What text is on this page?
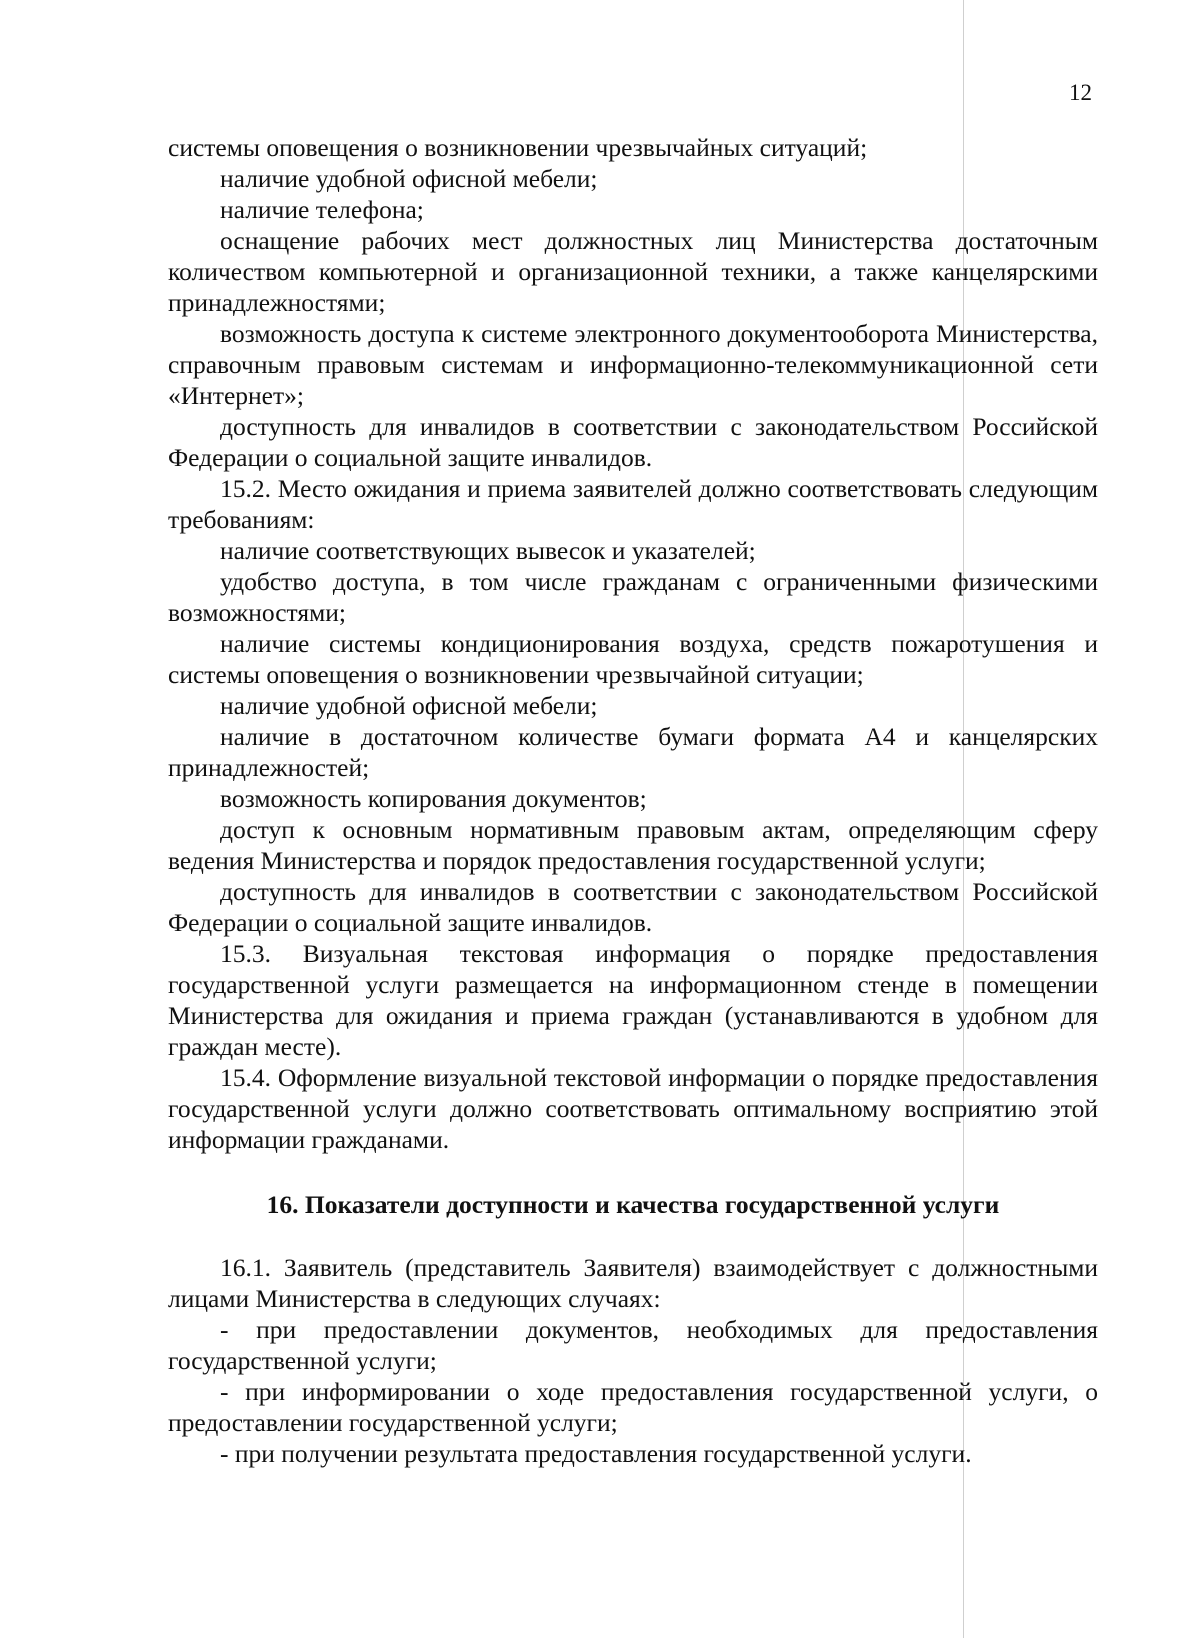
12

системы оповещения о возникновении чрезвычайных ситуаций;

наличие удобной офисной мебели;

наличие телефона;

оснащение рабочих мест должностных лиц Министерства достаточным количеством компьютерной и организационной техники, а также канцелярскими принадлежностями;

возможность доступа к системе электронного документооборота Министерства, справочным правовым системам и информационно-телекоммуникационной сети «Интернет»;

доступность для инвалидов в соответствии с законодательством Российской Федерации о социальной защите инвалидов.

15.2. Место ожидания и приема заявителей должно соответствовать следующим требованиям:

наличие соответствующих вывесок и указателей;

удобство доступа, в том числе гражданам с ограниченными физическими возможностями;

наличие системы кондиционирования воздуха, средств пожаротушения и системы оповещения о возникновении чрезвычайной ситуации;

наличие удобной офисной мебели;

наличие в достаточном количестве бумаги формата А4 и канцелярских принадлежностей;

возможность копирования документов;

доступ к основным нормативным правовым актам, определяющим сферу ведения Министерства и порядок предоставления государственной услуги;

доступность для инвалидов в соответствии с законодательством Российской Федерации о социальной защите инвалидов.

15.3. Визуальная текстовая информация о порядке предоставления государственной услуги размещается на информационном стенде в помещении Министерства для ожидания и приема граждан (устанавливаются в удобном для граждан месте).

15.4. Оформление визуальной текстовой информации о порядке предоставления государственной услуги должно соответствовать оптимальному восприятию этой информации гражданами.

16. Показатели доступности и качества государственной услуги

16.1. Заявитель (представитель Заявителя) взаимодействует с должностными лицами Министерства в следующих случаях:

- при предоставлении документов, необходимых для предоставления государственной услуги;

- при информировании о ходе предоставления государственной услуги, о предоставлении государственной услуги;

- при получении результата предоставления государственной услуги.
